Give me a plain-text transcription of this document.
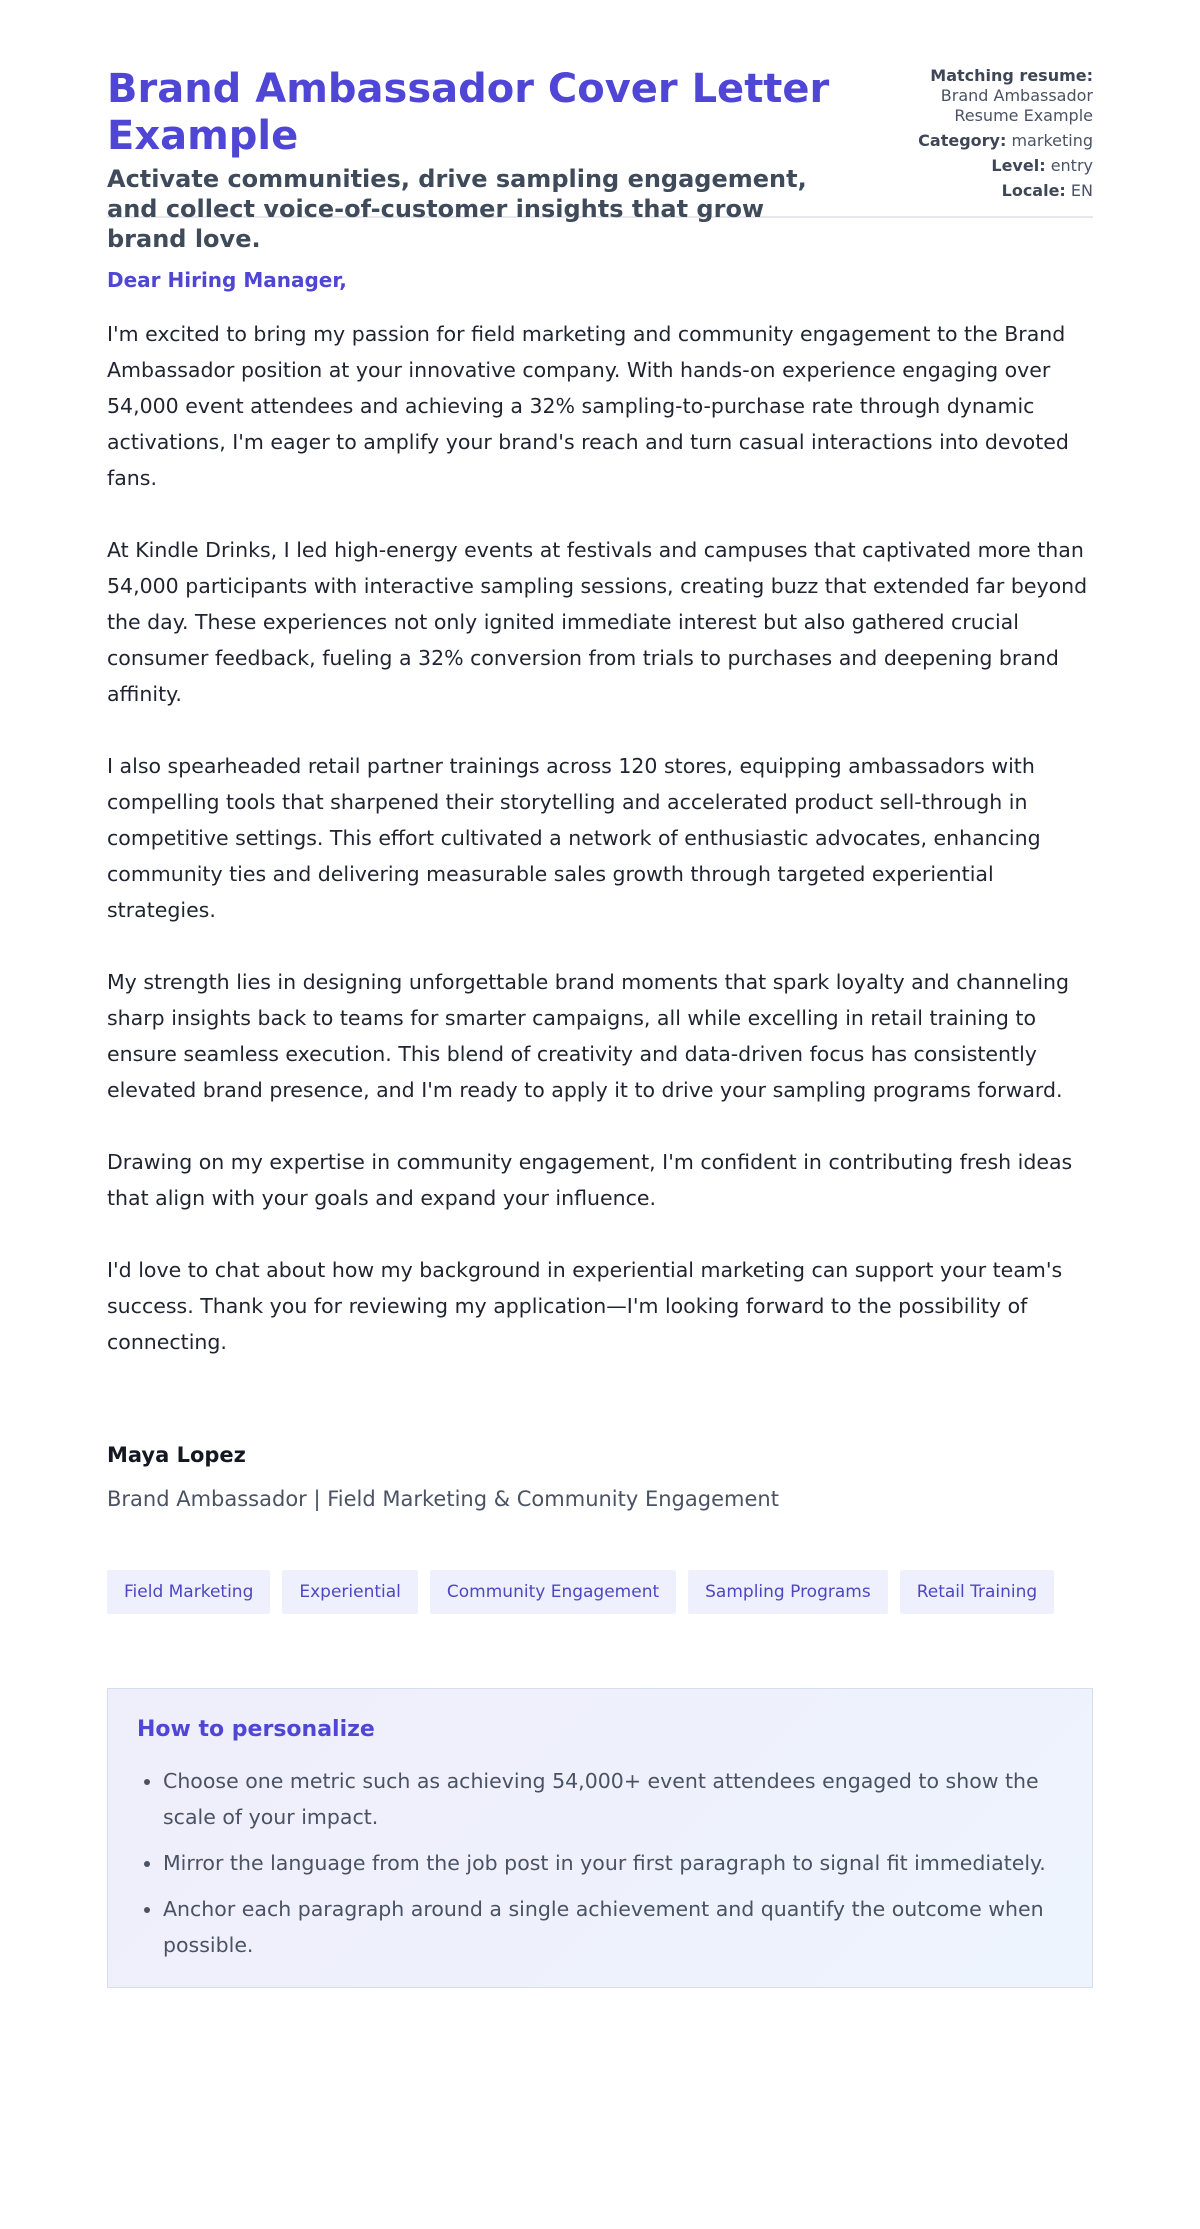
Brand Ambassador Cover Letter Example

Activate communities, drive sampling engagement, and collect voice-of-customer insights that grow brand love.

Matching resume:
Brand Ambassador
Resume Example
Category: marketing
Level: entry
Locale: EN

Dear Hiring Manager,

I'm excited to bring my passion for field marketing and community engagement to the Brand Ambassador position at your innovative company. With hands-on experience engaging over 54,000 event attendees and achieving a 32% sampling-to-purchase rate through dynamic activations, I'm eager to amplify your brand's reach and turn casual interactions into devoted fans.

At Kindle Drinks, I led high-energy events at festivals and campuses that captivated more than 54,000 participants with interactive sampling sessions, creating buzz that extended far beyond the day. These experiences not only ignited immediate interest but also gathered crucial consumer feedback, fueling a 32% conversion from trials to purchases and deepening brand affinity.

I also spearheaded retail partner trainings across 120 stores, equipping ambassadors with compelling tools that sharpened their storytelling and accelerated product sell-through in competitive settings. This effort cultivated a network of enthusiastic advocates, enhancing community ties and delivering measurable sales growth through targeted experiential strategies.

My strength lies in designing unforgettable brand moments that spark loyalty and channeling sharp insights back to teams for smarter campaigns, all while excelling in retail training to ensure seamless execution. This blend of creativity and data-driven focus has consistently elevated brand presence, and I'm ready to apply it to drive your sampling programs forward.

Drawing on my expertise in community engagement, I'm confident in contributing fresh ideas that align with your goals and expand your influence.

I'd love to chat about how my background in experiential marketing can support your team's success. Thank you for reviewing my application—I'm looking forward to the possibility of connecting.

Maya Lopez
Brand Ambassador | Field Marketing & Community Engagement
Field Marketing	Experiential	Community Engagement	Sampling Programs	Retail Training
How to personalize
• Choose one metric such as achieving 54,000+ event attendees engaged to show the scale of your impact.
• Mirror the language from the job post in your first paragraph to signal fit immediately.
• Anchor each paragraph around a single achievement and quantify the outcome when possible.
